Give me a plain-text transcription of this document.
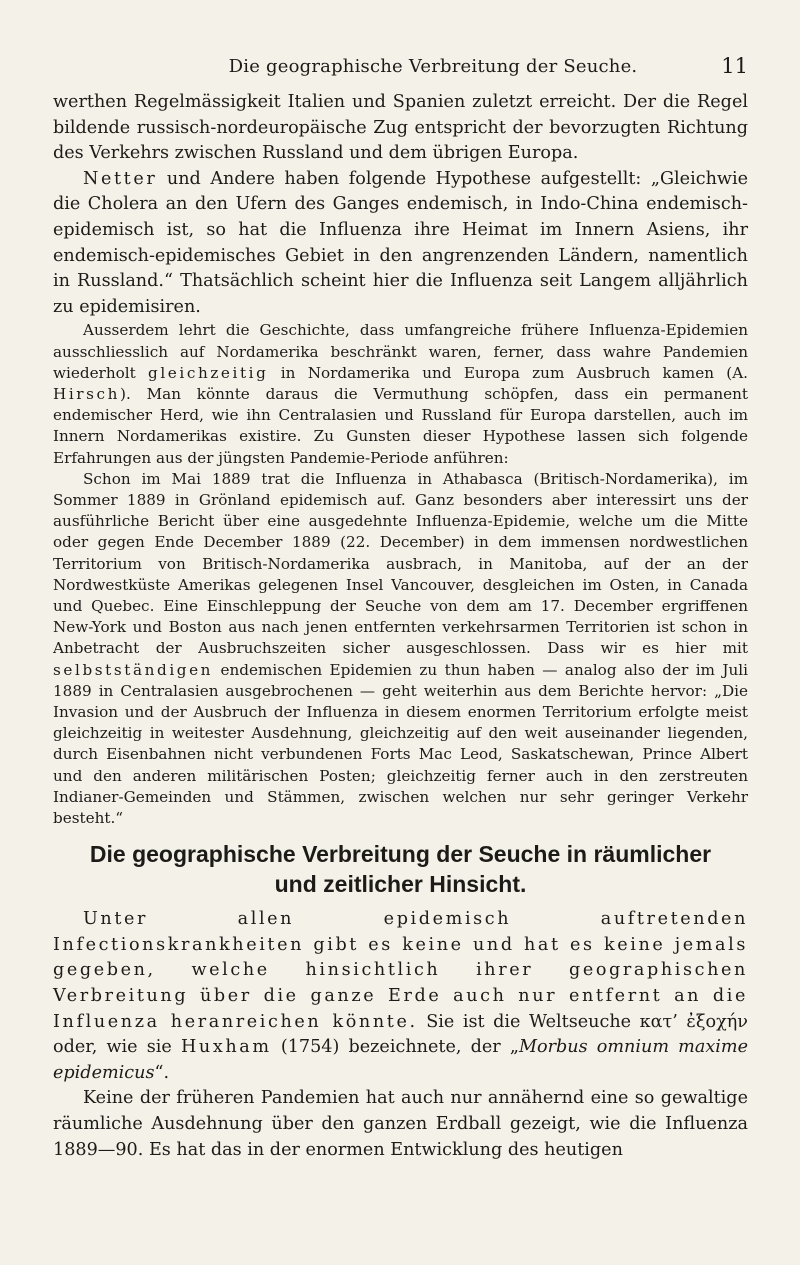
Die geographische Verbreitung der Seuche.	11

werthen Regelmässigkeit Italien und Spanien zuletzt erreicht. Der die Regel bildende russisch-nordeuropäische Zug entspricht der bevorzugten Richtung des Verkehrs zwischen Russland und dem übrigen Europa.

Netter und Andere haben folgende Hypothese aufgestellt: „Gleichwie die Cholera an den Ufern des Ganges endemisch, in Indo-China endemisch-epidemisch ist, so hat die Influenza ihre Heimat im Innern Asiens, ihr endemisch-epidemisches Gebiet in den angrenzenden Ländern, namentlich in Russland.“ Thatsächlich scheint hier die Influenza seit Langem alljährlich zu epidemisiren.

Ausserdem lehrt die Geschichte, dass umfangreiche frühere Influenza-Epidemien ausschliesslich auf Nordamerika beschränkt waren, ferner, dass wahre Pandemien wiederholt gleichzeitig in Nordamerika und Europa zum Ausbruch kamen (A. Hirsch). Man könnte daraus die Vermuthung schöpfen, dass ein permanent endemischer Herd, wie ihn Centralasien und Russland für Europa darstellen, auch im Innern Nordamerikas existire. Zu Gunsten dieser Hypothese lassen sich folgende Erfahrungen aus der jüngsten Pandemie-Periode anführen:

Schon im Mai 1889 trat die Influenza in Athabasca (Britisch-Nordamerika), im Sommer 1889 in Grönland epidemisch auf. Ganz besonders aber interessirt uns der ausführliche Bericht über eine ausgedehnte Influenza-Epidemie, welche um die Mitte oder gegen Ende December 1889 (22. December) in dem immensen nordwestlichen Territorium von Britisch-Nordamerika ausbrach, in Manitoba, auf der an der Nordwestküste Amerikas gelegenen Insel Vancouver, desgleichen im Osten, in Canada und Quebec. Eine Einschleppung der Seuche von dem am 17. December ergriffenen New-York und Boston aus nach jenen entfernten verkehrsarmen Territorien ist schon in Anbetracht der Ausbruchszeiten sicher ausgeschlossen. Dass wir es hier mit selbstständigen endemischen Epidemien zu thun haben — analog also der im Juli 1889 in Centralasien ausgebrochenen — geht weiterhin aus dem Berichte hervor: „Die Invasion und der Ausbruch der Influenza in diesem enormen Territorium erfolgte meist gleichzeitig in weitester Ausdehnung, gleichzeitig auf den weit auseinander liegenden, durch Eisenbahnen nicht verbundenen Forts Mac Leod, Saskatschewan, Prince Albert und den anderen militärischen Posten; gleichzeitig ferner auch in den zerstreuten Indianer-Gemeinden und Stämmen, zwischen welchen nur sehr geringer Verkehr besteht.“

Die geographische Verbreitung der Seuche in räumlicher
und zeitlicher Hinsicht.

Unter allen epidemisch auftretenden Infectionskrankheiten gibt es keine und hat es keine jemals gegeben, welche hinsichtlich ihrer geographischen Verbreitung über die ganze Erde auch nur entfernt an die Influenza heranreichen könnte. Sie ist die Weltseuche κατ’ ἐξοχήν oder, wie sie Huxham (1754) bezeichnete, der „Morbus omnium maxime epidemicus“.

Keine der früheren Pandemien hat auch nur annähernd eine so gewaltige räumliche Ausdehnung über den ganzen Erdball gezeigt, wie die Influenza 1889—90. Es hat das in der enormen Entwicklung des heutigen
